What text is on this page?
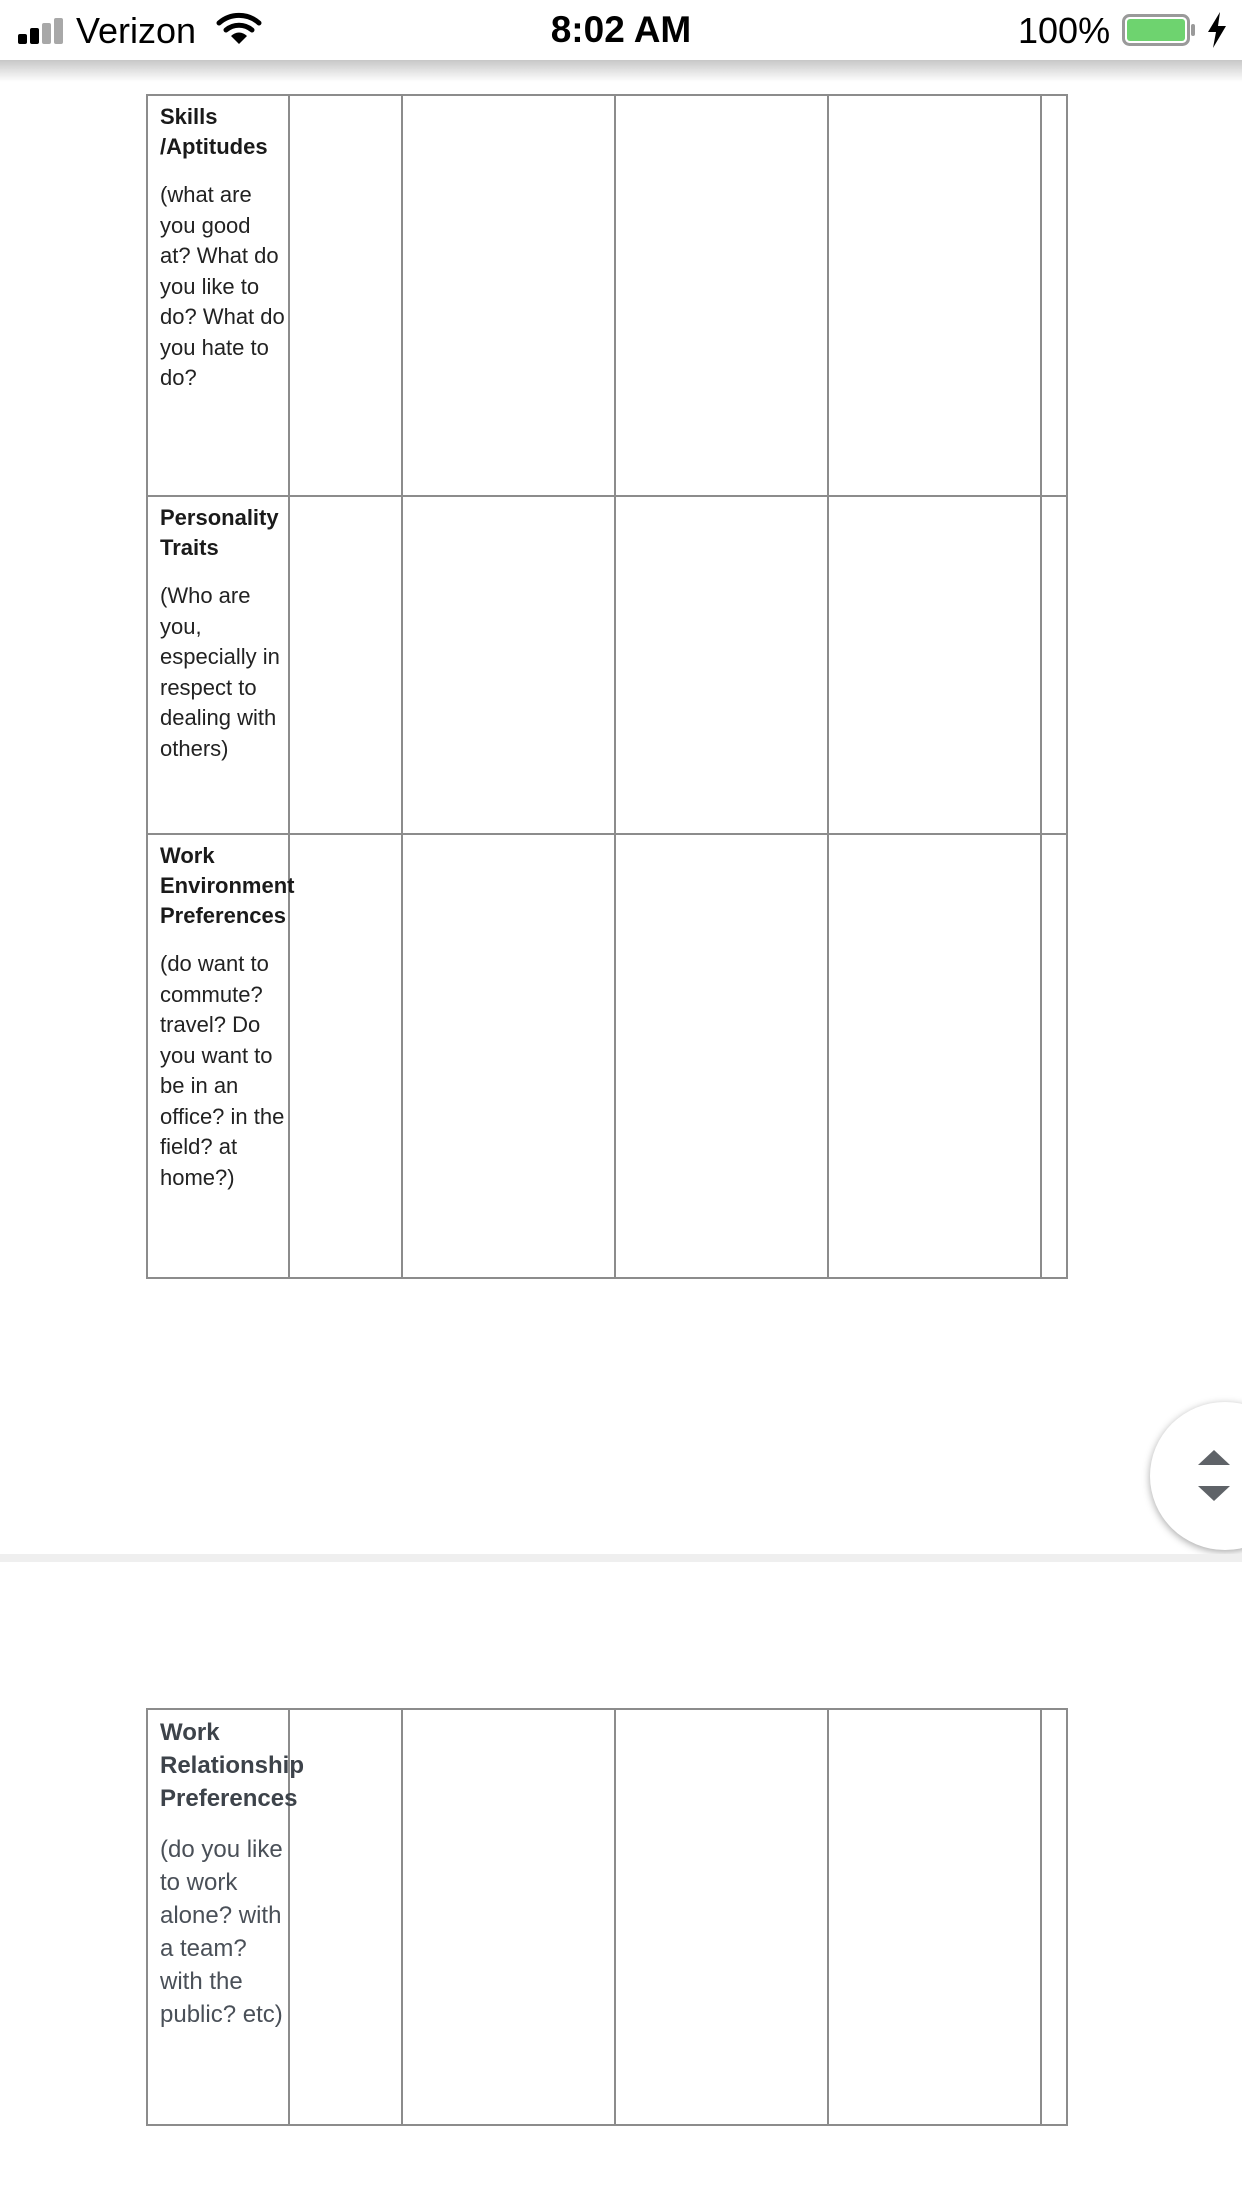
Verizon	8:02 AM	100%
Skills /Aptitudes
(what are you good at? What do you like to do? What do you hate to do?					

Personality Traits
(Who are you, especially in respect to dealing with others)					

Work Environment Preferences
(do want to commute? travel? Do you want to be in an office? in the field? at home?)					

Work Relationship Preferences
(do you like to work alone? with a team? with the public? etc)
